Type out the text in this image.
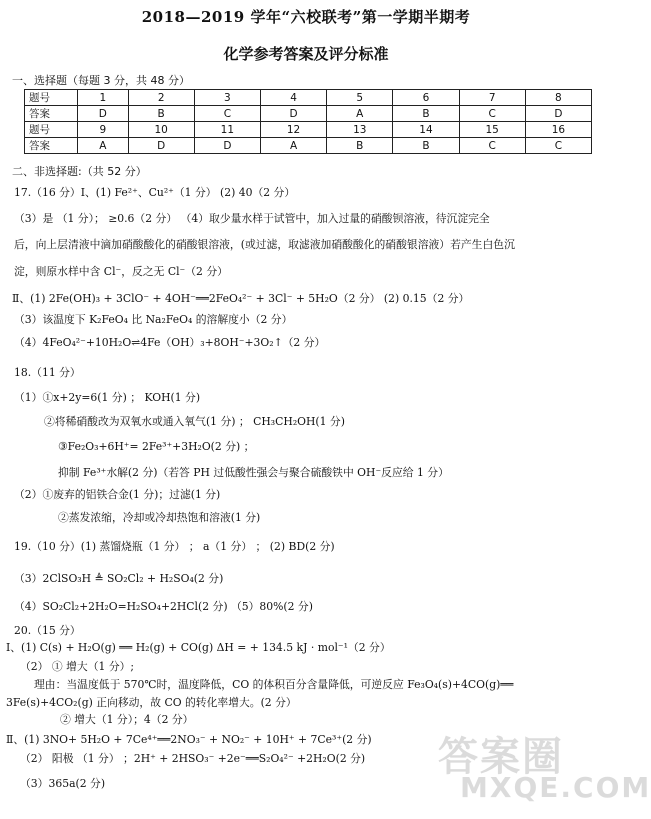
2018—2019 学年“六校联考”第一学期半期考
化学参考答案及评分标准
一、选择题（每题 3 分，共 48 分）
题号	1	2	3	4	5	6	7	8
答案	D	B	C	D	A	B	C	D
题号	9	10	11	12	13	14	15	16
答案	A	D	D	A	B	B	C	C
二、非选择题:（共 52 分）
17.（16 分）Ⅰ、(1) Fe²⁺、Cu²⁺（1 分） (2) 40（2 分）
（3）是 （1 分）； ≥0.6（2 分） （4）取少量水样于试管中，加入过量的硝酸钡溶液，待沉淀完全
后，向上层清液中滴加硝酸酸化的硝酸银溶液，(或过滤，取滤液加硝酸酸化的硝酸银溶液）若产生白色沉
淀，则原水样中含 Cl⁻，反之无 Cl⁻（2 分）
Ⅱ、(1) 2Fe(OH)₃ + 3ClO⁻ + 4OH⁻══2FeO₄²⁻ + 3Cl⁻ + 5H₂O（2 分） (2) 0.15（2 分）
（3）该温度下 K₂FeO₄ 比 Na₂FeO₄ 的溶解度小（2 分）
（4）4FeO₄²⁻+10H₂O⇌4Fe（OH）₃+8OH⁻+3O₂↑（2 分）
18.（11 分）
（1）①x+2y=6(1 分) ； KOH(1 分)
②将稀硝酸改为双氧水或通入氧气(1 分) ； CH₃CH₂OH(1 分)
③Fe₂O₃+6H⁺= 2Fe³⁺+3H₂O(2 分) ；
抑制 Fe³⁺水解(2 分)（若答 PH 过低酸性强会与聚合硫酸铁中 OH⁻反应给 1 分）
（2）①废弃的铝铁合金(1 分)；过滤(1 分)
②蒸发浓缩，冷却或冷却热饱和溶液(1 分)
19.（10 分）(1) 蒸馏烧瓶（1 分） ； a（1 分） ； (2) BD(2 分)
（3）2ClSO₃H ≜ SO₂Cl₂ + H₂SO₄(2 分)
（4）SO₂Cl₂+2H₂O=H₂SO₄+2HCl(2 分) （5）80%(2 分)
20.（15 分）
Ⅰ、(1) C(s) + H₂O(g) ══ H₂(g) + CO(g) ΔH = + 134.5 kJ · mol⁻¹（2 分）
（2） ① 增大（1 分）;
理由：当温度低于 570℃时，温度降低，CO 的体积百分含量降低，可逆反应 Fe₃O₄(s)+4CO(g)══
3Fe(s)+4CO₂(g) 正向移动，故 CO 的转化率增大。(2 分）
② 增大（1 分）；4（2 分）
Ⅱ、(1) 3NO+ 5H₂O + 7Ce⁴⁺══2NO₃⁻ + NO₂⁻ + 10H⁺ + 7Ce³⁺(2 分)
（2） 阳极 （1 分） ；2H⁺ + 2HSO₃⁻ +2e⁻══S₂O₄²⁻ +2H₂O(2 分)
（3）365a(2 分)
答案圈
MXQE.COM
